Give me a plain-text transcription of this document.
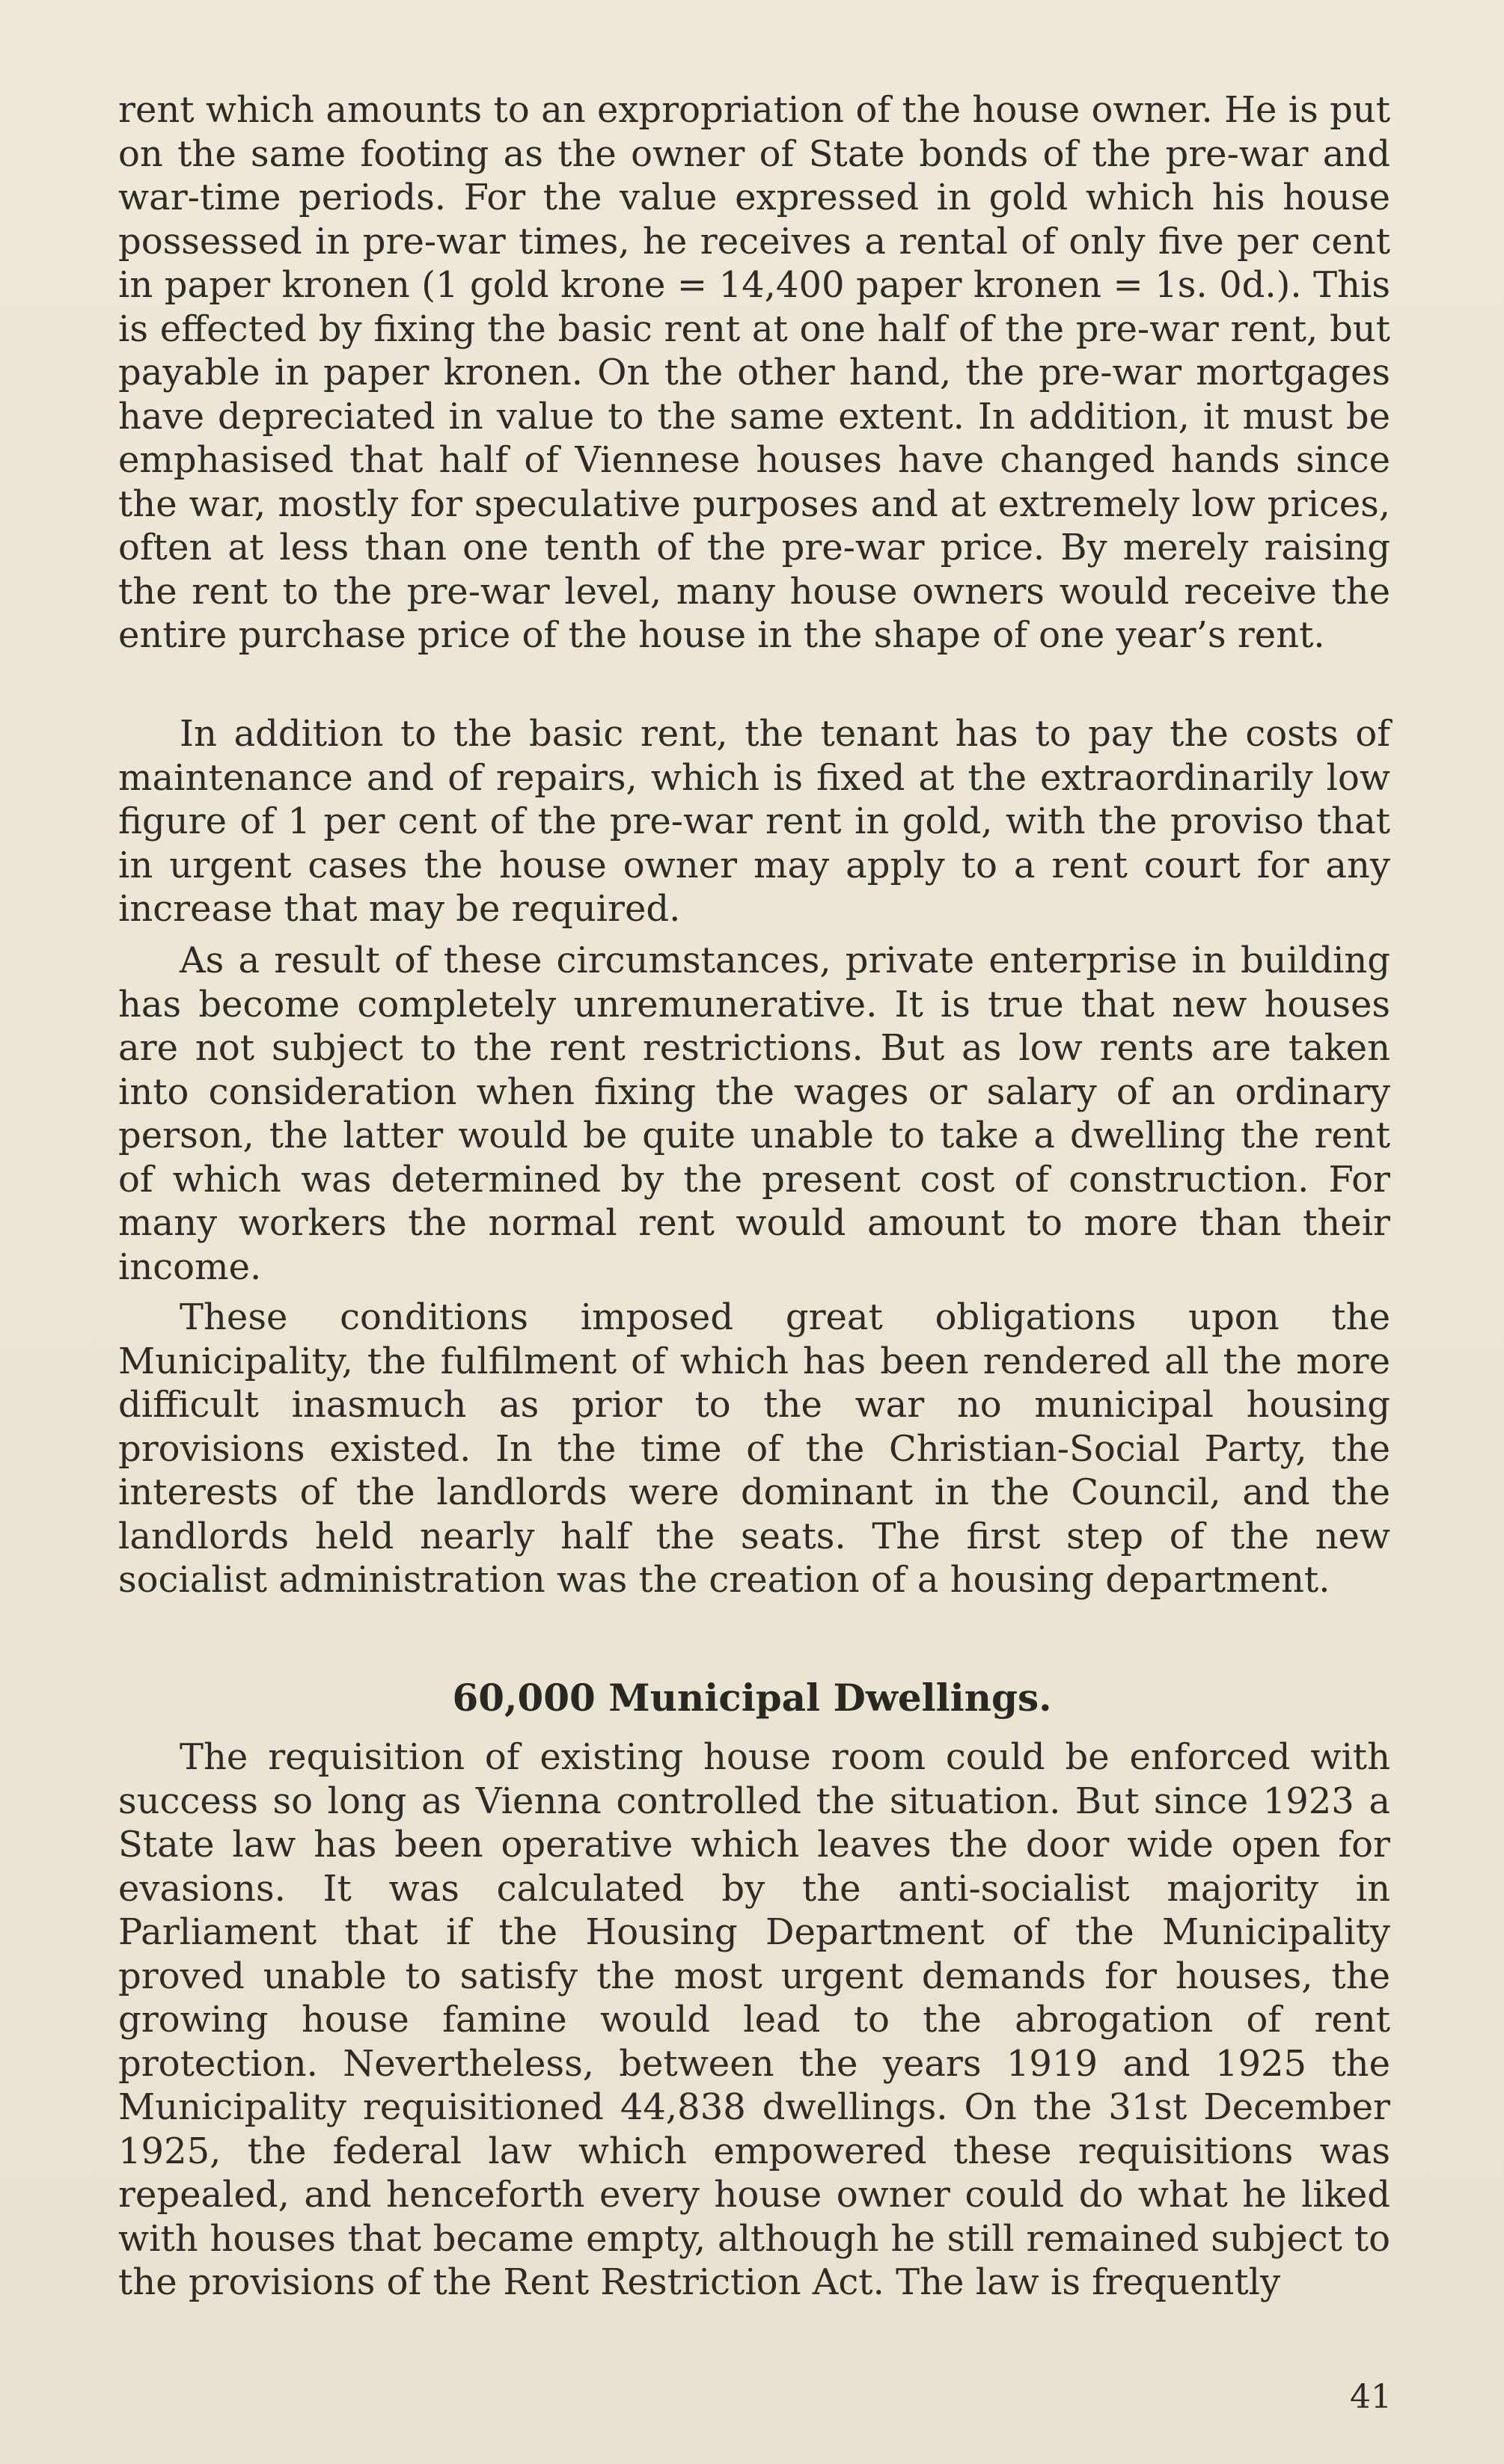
rent which amounts to an expropriation of the house owner. He is put on the same footing as the owner of State bonds of the pre-war and war-time periods. For the value expressed in gold which his house possessed in pre-war times, he receives a rental of only five per cent in paper kronen (1 gold krone = 14,400 paper kronen = 1s. 0d.). This is effected by fixing the basic rent at one half of the pre-war rent, but payable in paper kronen. On the other hand, the pre-war mortgages have depreciated in value to the same extent. In addition, it must be emphasised that half of Viennese houses have changed hands since the war, mostly for speculative purposes and at extremely low prices, often at less than one tenth of the pre-war price. By merely raising the rent to the pre-war level, many house owners would receive the entire purchase price of the house in the shape of one year’s rent.

In addition to the basic rent, the tenant has to pay the costs of maintenance and of repairs, which is fixed at the extraordinarily low figure of 1 per cent of the pre-war rent in gold, with the proviso that in urgent cases the house owner may apply to a rent court for any increase that may be required.

As a result of these circumstances, private enterprise in building has become completely unremunerative. It is true that new houses are not subject to the rent restrictions. But as low rents are taken into consideration when fixing the wages or salary of an ordinary person, the latter would be quite unable to take a dwelling the rent of which was determined by the present cost of construction. For many workers the normal rent would amount to more than their income.

These conditions imposed great obligations upon the Municipality, the fulfilment of which has been rendered all the more difficult inasmuch as prior to the war no municipal housing provisions existed. In the time of the Christian-Social Party, the interests of the landlords were dominant in the Council, and the landlords held nearly half the seats. The first step of the new socialist administration was the creation of a housing department.

60,000 Municipal Dwellings.

The requisition of existing house room could be enforced with success so long as Vienna controlled the situation. But since 1923 a State law has been operative which leaves the door wide open for evasions. It was calculated by the anti-socialist majority in Parliament that if the Housing Department of the Municipality proved unable to satisfy the most urgent demands for houses, the growing house famine would lead to the abrogation of rent protection. Nevertheless, between the years 1919 and 1925 the Municipality requisitioned 44,838 dwellings. On the 31st December 1925, the federal law which empowered these requisitions was repealed, and henceforth every house owner could do what he liked with houses that became empty, although he still remained subject to the provisions of the Rent Restriction Act. The law is frequently

41
